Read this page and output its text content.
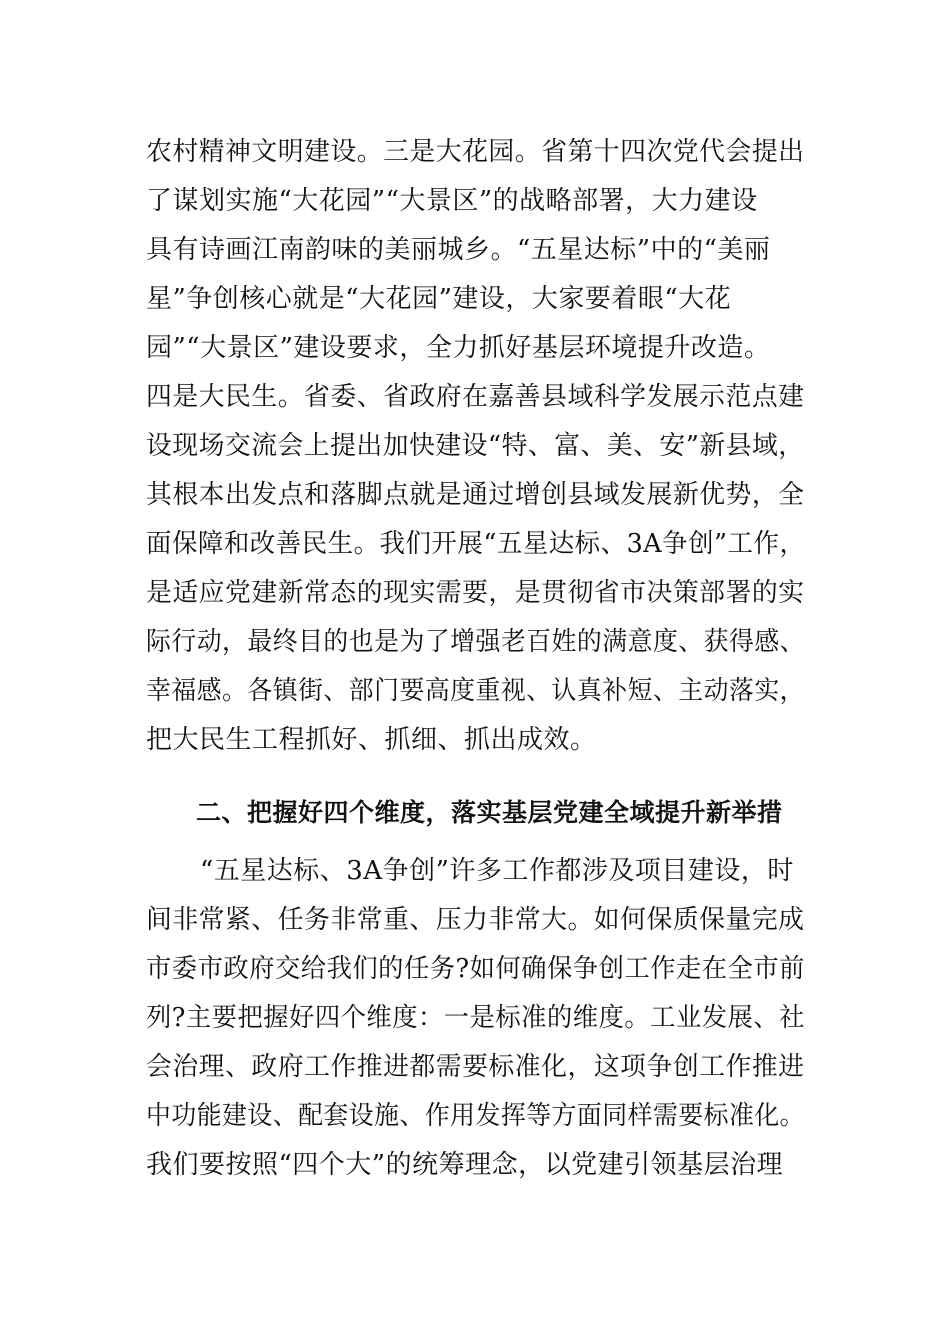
农村精神文明建设。三是大花园。省第十四次党代会提出
了谋划实施“大花园”“大景区”的战略部署，大力建设
具有诗画江南韵味的美丽城乡。“五星达标”中的“美丽
星”争创核心就是“大花园”建设，大家要着眼“大花
园”“大景区”建设要求，全力抓好基层环境提升改造。
四是大民生。省委、省政府在嘉善县域科学发展示范点建
设现场交流会上提出加快建设“特、富、美、安”新县域，
其根本出发点和落脚点就是通过增创县域发展新优势，全
面保障和改善民生。我们开展“五星达标、3A争创”工作，
是适应党建新常态的现实需要，是贯彻省市决策部署的实
际行动，最终目的也是为了增强老百姓的满意度、获得感、
幸福感。各镇街、部门要高度重视、认真补短、主动落实，
把大民生工程抓好、抓细、抓出成效。
二、把握好四个维度，落实基层党建全域提升新举措
“五星达标、3A争创”许多工作都涉及项目建设，时
间非常紧、任务非常重、压力非常大。如何保质保量完成
市委市政府交给我们的任务?如何确保争创工作走在全市前
列?主要把握好四个维度：一是标准的维度。工业发展、社
会治理、政府工作推进都需要标准化，这项争创工作推进
中功能建设、配套设施、作用发挥等方面同样需要标准化。
我们要按照“四个大”的统筹理念，以党建引领基层治理
